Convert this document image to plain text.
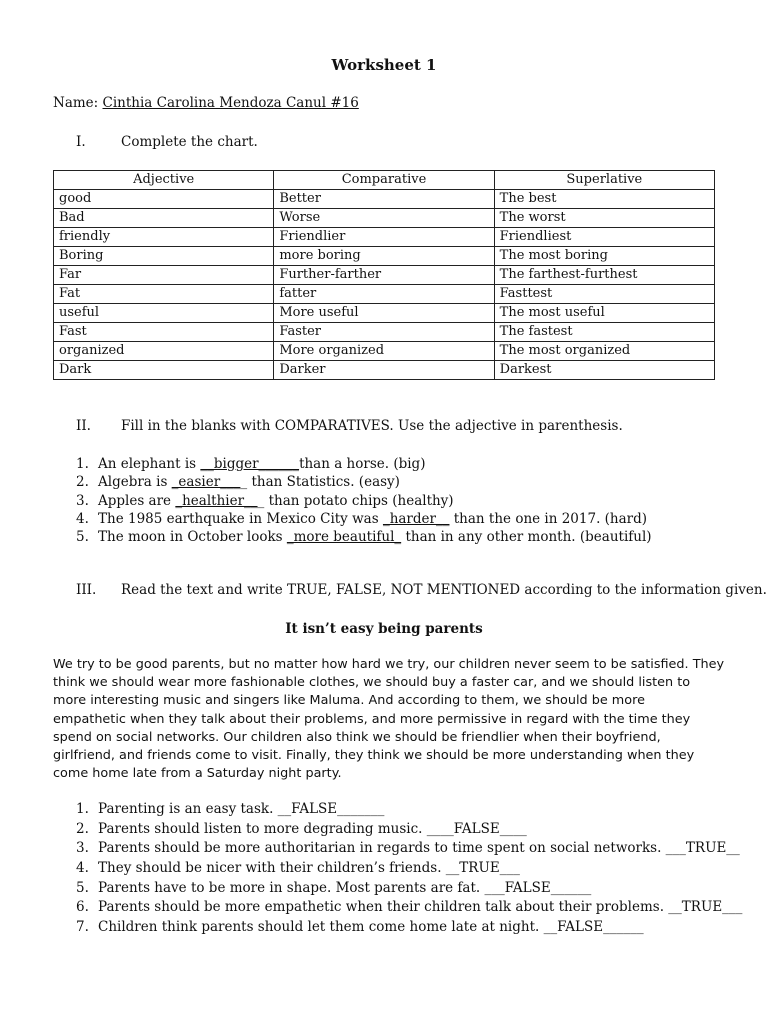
Worksheet 1
Name: Cinthia Carolina Mendoza Canul #16
I.	Complete the chart.
Adjective	Comparative	Superlative
good	Better	The best
Bad	Worse	The worst
friendly	Friendlier	Friendliest
Boring	more boring	The most boring
Far	Further-farther	The farthest-furthest
Fat	fatter	Fasttest
useful	More useful	The most useful
Fast	Faster	The fastest
organized	More organized	The most organized
Dark	Darker	Darkest
II. Fill in the blanks with COMPARATIVES. Use the adjective in parenthesis.
1. An elephant is __bigger______than a horse. (big)
2. Algebra is _easier____ than Statistics. (easy)
3. Apples are _healthier___ than potato chips (healthy)
4. The 1985 earthquake in Mexico City was _harder__ than the one in 2017. (hard)
5. The moon in October looks _more beautiful_ than in any other month. (beautiful)
III. Read the text and write TRUE, FALSE, NOT MENTIONED according to the information given.
It isn’t easy being parents
We try to be good parents, but no matter how hard we try, our children never seem to be satisfied. They
think we should wear more fashionable clothes, we should buy a faster car, and we should listen to
more interesting music and singers like Maluma. And according to them, we should be more
empathetic when they talk about their problems, and more permissive in regard with the time they
spend on social networks. Our children also think we should be friendlier when their boyfriend,
girlfriend, and friends come to visit. Finally, they think we should be more understanding when they
come home late from a Saturday night party.
1. Parenting is an easy task. __FALSE_______
2. Parents should listen to more degrading music. ____FALSE____
3. Parents should be more authoritarian in regards to time spent on social networks. ___TRUE__
4. They should be nicer with their children’s friends. __TRUE___
5. Parents have to be more in shape. Most parents are fat. ___FALSE______
6. Parents should be more empathetic when their children talk about their problems. __TRUE___
7. Children think parents should let them come home late at night. __FALSE______
